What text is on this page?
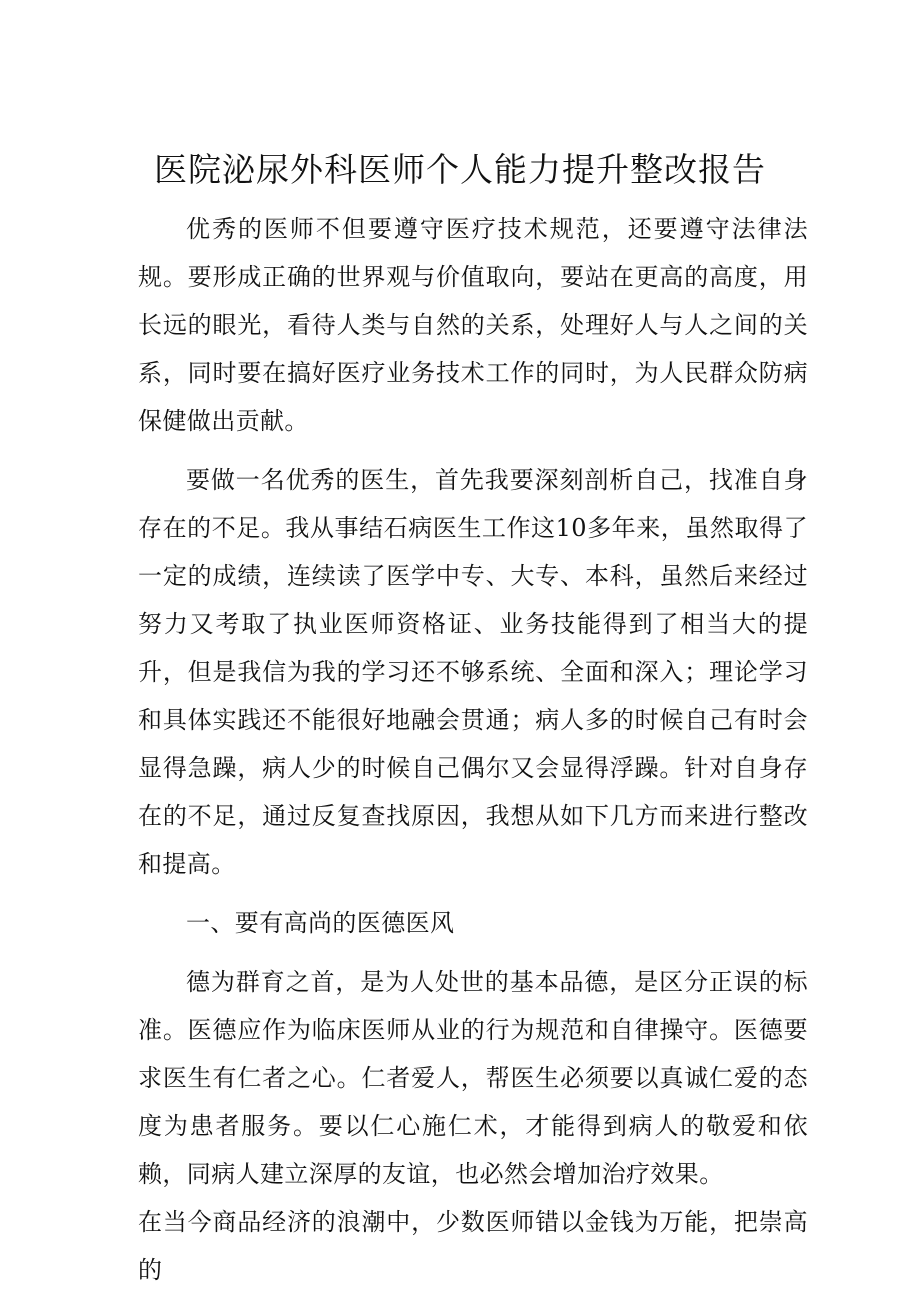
医院泌尿外科医师个人能力提升整改报告

优秀的医师不但要遵守医疗技术规范，还要遵守法律法规。要形成正确的世界观与价值取向，要站在更高的高度，用长远的眼光，看待人类与自然的关系，处理好人与人之间的关系，同时要在搞好医疗业务技术工作的同时，为人民群众防病保健做出贡献。

要做一名优秀的医生，首先我要深刻剖析自己，找准自身存在的不足。我从事结石病医生工作这10多年来，虽然取得了一定的成绩，连续读了医学中专、大专、本科，虽然后来经过努力又考取了执业医师资格证、业务技能得到了相当大的提升，但是我信为我的学习还不够系统、全面和深入；理论学习和具体实践还不能很好地融会贯通；病人多的时候自己有时会显得急躁，病人少的时候自己偶尔又会显得浮躁。针对自身存在的不足，通过反复查找原因，我想从如下几方而来进行整改和提高。

一、要有高尚的医德医风

德为群育之首，是为人处世的基本品德，是区分正误的标准。医德应作为临床医师从业的行为规范和自律操守。医德要求医生有仁者之心。仁者爱人，帮医生必须要以真诚仁爱的态度为患者服务。要以仁心施仁术，才能得到病人的敬爱和依赖，同病人建立深厚的友谊，也必然会增加治疗效果。

在当今商品经济的浪潮中，少数医师错以金钱为万能，把崇高的
